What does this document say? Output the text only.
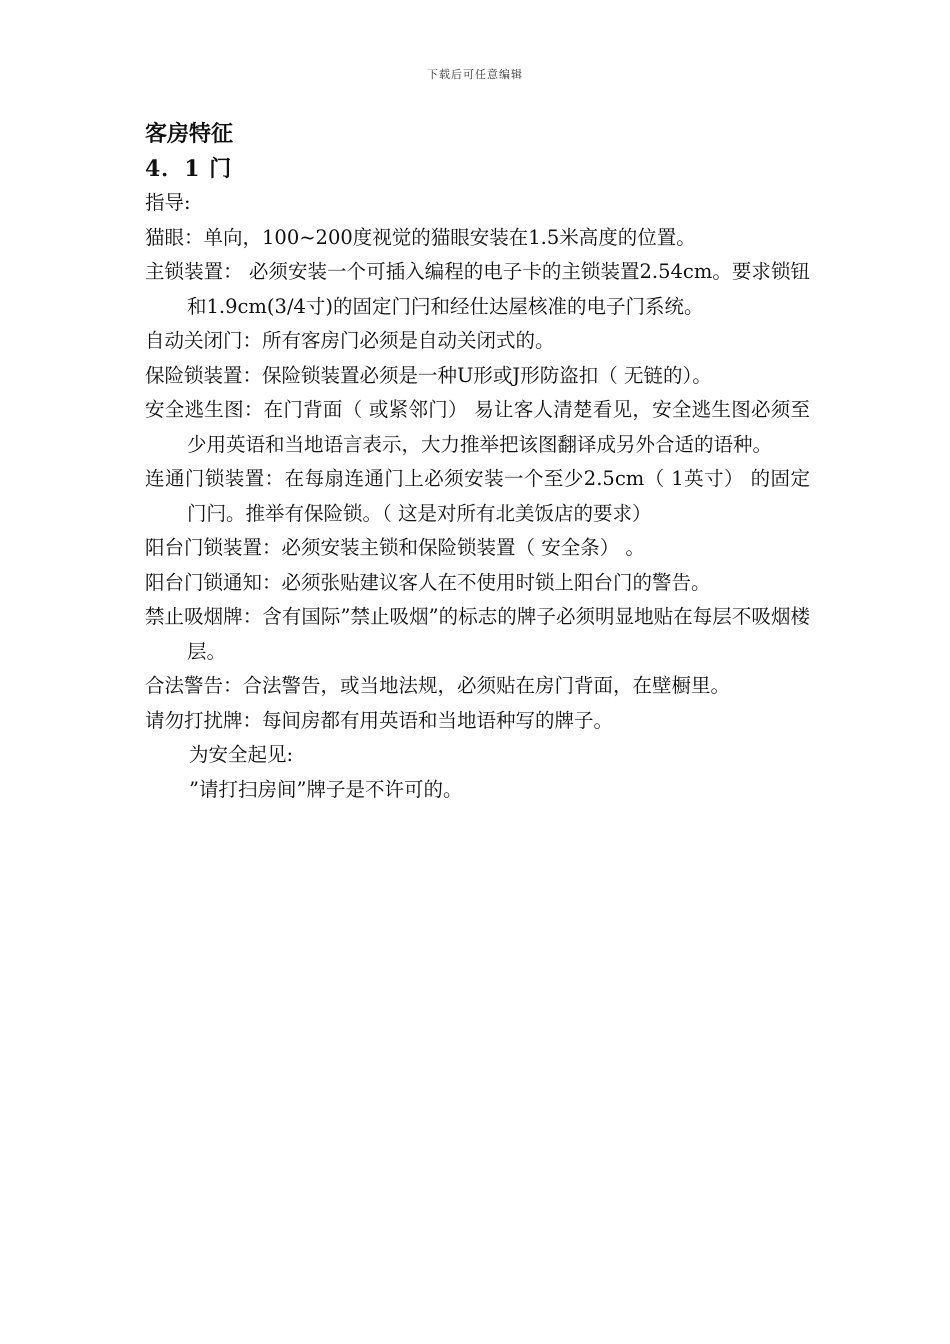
下载后可任意编辑
客房特征
4．1 门

指导:

猫眼：单向，100~200度视觉的猫眼安装在1.5米高度的位置。

主锁装置： 必须安装一个可插入编程的电子卡的主锁装置2.54cm。要求锁钮和1.9cm(3/4寸)的固定门闩和经仕达屋核准的电子门系统。

自动关闭门：所有客房门必须是自动关闭式的。

保险锁装置：保险锁装置必须是一种U形或J形防盗扣（ 无链的）。

安全逃生图：在门背面（ 或紧邻门） 易让客人清楚看见，安全逃生图必须至少用英语和当地语言表示，大力推举把该图翻译成另外合适的语种。

连通门锁装置：在每扇连通门上必须安装一个至少2.5cm（ 1英寸） 的固定门闩。推举有保险锁。（ 这是对所有北美饭店的要求）

阳台门锁装置：必须安装主锁和保险锁装置（ 安全条） 。

阳台门锁通知：必须张贴建议客人在不使用时锁上阳台门的警告。

禁止吸烟牌：含有国际”禁止吸烟”的标志的牌子必须明显地贴在每层不吸烟楼层。

合法警告：合法警告，或当地法规，必须贴在房门背面，在壁橱里。

请勿打扰牌：每间房都有用英语和当地语种写的牌子。

为安全起见:

”请打扫房间”牌子是不许可的。
